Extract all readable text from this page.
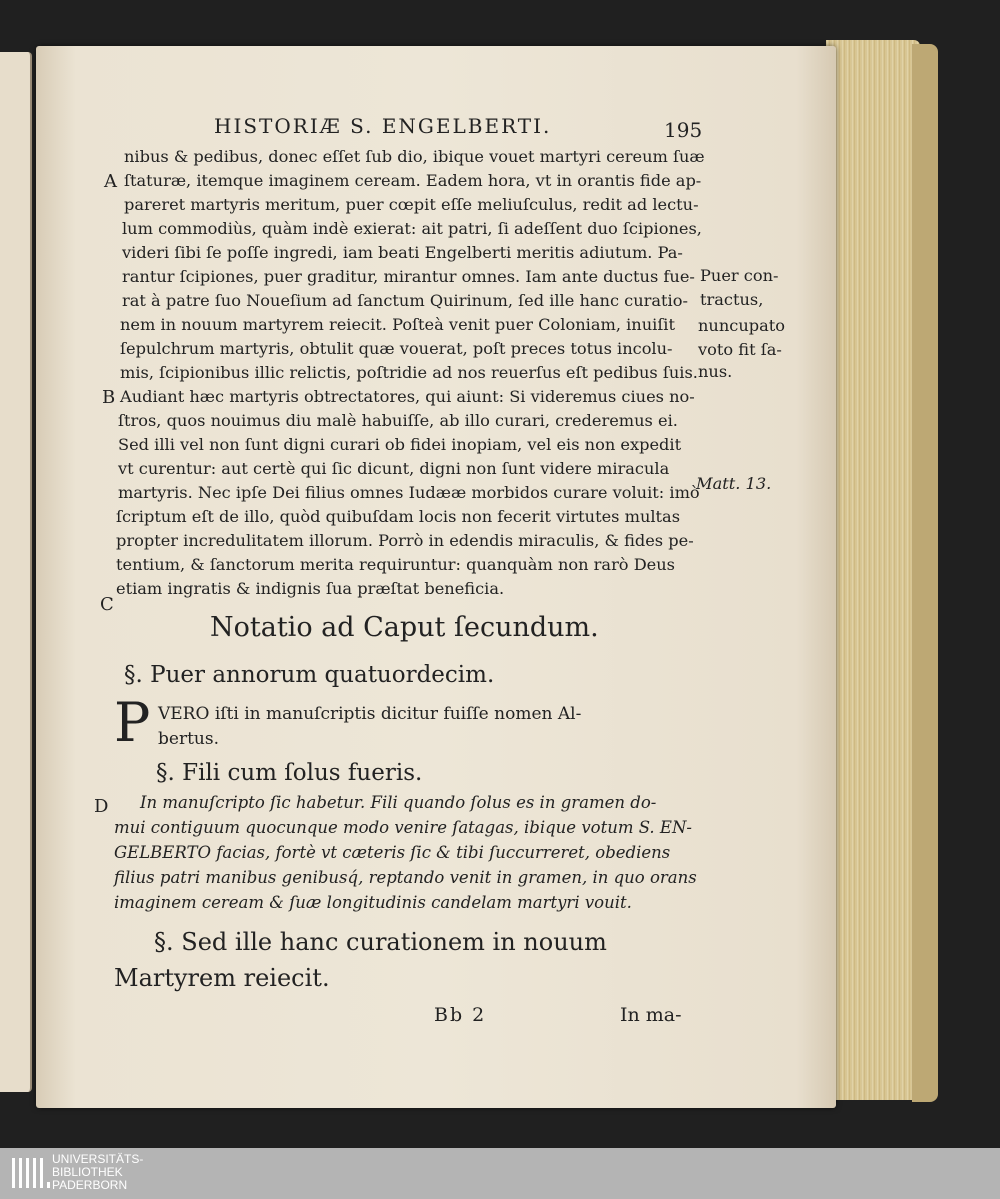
HISTORIÆ S. ENGELBERTI.	195
nibus & pedibus, donec eſſet ſub dio, ibique vouet martyri cereum ſuæ
ſtaturæ, itemque imaginem ceream. Eadem hora, vt in orantis fide ap-
pareret martyris meritum, puer cœpit eſſe meliuſculus, redit ad lectu-
lum commodiùs, quàm indè exierat: ait patri, ſi adeſſent duo ſcipiones,
videri ſibi ſe poſſe ingredi, iam beati Engelberti meritis adiutum. Pa-
rantur ſcipiones, puer graditur, mirantur omnes. Iam ante ductus fue-
rat à patre ſuo Noueſium ad ſanctum Quirinum, ſed ille hanc curatio-
nem in nouum martyrem reiecit. Poſteà venit puer Coloniam, inuiſit
ſepulchrum martyris, obtulit quæ vouerat, poſt preces totus incolu-
mis, ſcipionibus illic relictis, poſtridie ad nos reuerſus eſt pedibus ſuis.
Audiant hæc martyris obtrectatores, qui aiunt: Si videremus ciues no-
ſtros, quos nouimus diu malè habuiſſe, ab illo curari, crederemus ei.
Sed illi vel non ſunt digni curari ob fidei inopiam, vel eis non expedit
vt curentur: aut certè qui ſic dicunt, digni non ſunt videre miracula
martyris. Nec ipſe Dei filius omnes Iudææ morbidos curare voluit: imò
ſcriptum eſt de illo, quòd quibuſdam locis non fecerit virtutes multas
propter incredulitatem illorum. Porrò in edendis miraculis, & fides pe-
tentium, & ſanctorum merita requiruntur: quanquàm non rarò Deus
etiam ingratis & indignis ſua præſtat beneficia.
A
B
C
D
Puer con-
tractus,
nuncupato
voto fit ſa-
nus.
Matt. 13.
Notatio ad Caput ſecundum.
§. Puer annorum quatuordecim.
P VERO iſti in manuſcriptis dicitur fuiſſe nomen Al-
bertus.
§. Fili cum ſolus fueris.
In manuſcripto ſic habetur. Fili quando ſolus es in gramen do-
mui contiguum quocunque modo venire ſatagas, ibique votum S. EN-
GELBERTO facias, fortè vt cæteris ſic & tibi ſuccurreret, obediens
filius patri manibus genibusq́, reptando venit in gramen, in quo orans
imaginem ceream & ſuæ longitudinis candelam martyri vouit.
§. Sed ille hanc curationem in nouum
Martyrem reiecit.
Bb 2	In ma-
UNIVERSITÄTS-
BIBLIOTHEK
PADERBORN
